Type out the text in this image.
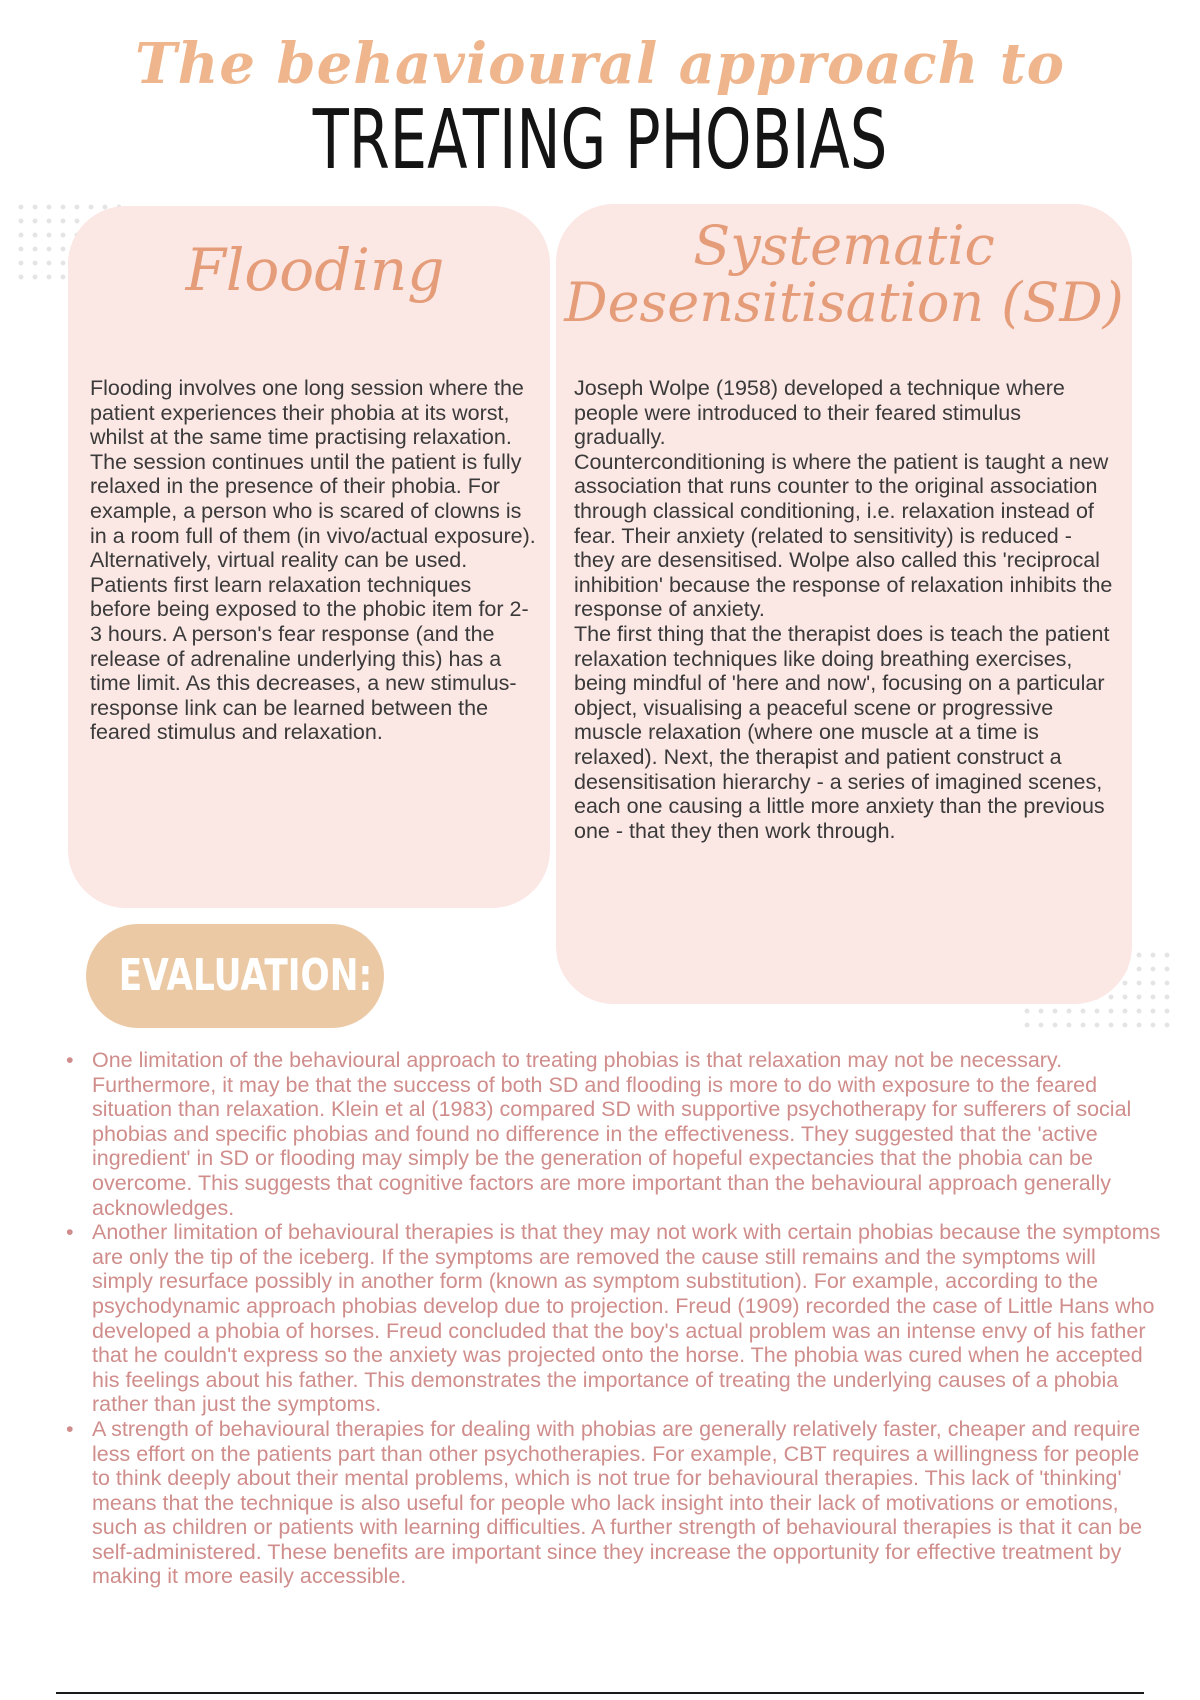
The behavioural approach to
TREATING PHOBIAS
Flooding

Flooding involves one long session where the patient experiences their phobia at its worst, whilst at the same time practising relaxation. The session continues until the patient is fully relaxed in the presence of their phobia. For example, a person who is scared of clowns is in a room full of them (in vivo/actual exposure). Alternatively, virtual reality can be used. Patients first learn relaxation techniques before being exposed to the phobic item for 2-3 hours. A person's fear response (and the release of adrenaline underlying this) has a time limit. As this decreases, a new stimulus-response link can be learned between the feared stimulus and relaxation.

Systematic
Desensitisation (SD)

Joseph Wolpe (1958) developed a technique where people were introduced to their feared stimulus gradually.

Counterconditioning is where the patient is taught a new association that runs counter to the original association through classical conditioning, i.e. relaxation instead of fear. Their anxiety (related to sensitivity) is reduced - they are desensitised. Wolpe also called this 'reciprocal inhibition' because the response of relaxation inhibits the response of anxiety.

The first thing that the therapist does is teach the patient relaxation techniques like doing breathing exercises, being mindful of 'here and now', focusing on a particular object, visualising a peaceful scene or progressive muscle relaxation (where one muscle at a time is relaxed). Next, the therapist and patient construct a desensitisation hierarchy - a series of imagined scenes, each one causing a little more anxiety than the previous one - that they then work through.

EVALUATION:
• One limitation of the behavioural approach to treating phobias is that relaxation may not be necessary. Furthermore, it may be that the success of both SD and flooding is more to do with exposure to the feared situation than relaxation. Klein et al (1983) compared SD with supportive psychotherapy for sufferers of social phobias and specific phobias and found no difference in the effectiveness. They suggested that the 'active ingredient' in SD or flooding may simply be the generation of hopeful expectancies that the phobia can be overcome. This suggests that cognitive factors are more important than the behavioural approach generally acknowledges.
• Another limitation of behavioural therapies is that they may not work with certain phobias because the symptoms are only the tip of the iceberg. If the symptoms are removed the cause still remains and the symptoms will simply resurface possibly in another form (known as symptom substitution). For example, according to the psychodynamic approach phobias develop due to projection. Freud (1909) recorded the case of Little Hans who developed a phobia of horses. Freud concluded that the boy's actual problem was an intense envy of his father that he couldn't express so the anxiety was projected onto the horse. The phobia was cured when he accepted his feelings about his father. This demonstrates the importance of treating the underlying causes of a phobia rather than just the symptoms.
• A strength of behavioural therapies for dealing with phobias are generally relatively faster, cheaper and require less effort on the patients part than other psychotherapies. For example, CBT requires a willingness for people to think deeply about their mental problems, which is not true for behavioural therapies. This lack of 'thinking' means that the technique is also useful for people who lack insight into their lack of motivations or emotions, such as children or patients with learning difficulties. A further strength of behavioural therapies is that it can be self-administered. These benefits are important since they increase the opportunity for effective treatment by making it more easily accessible.
